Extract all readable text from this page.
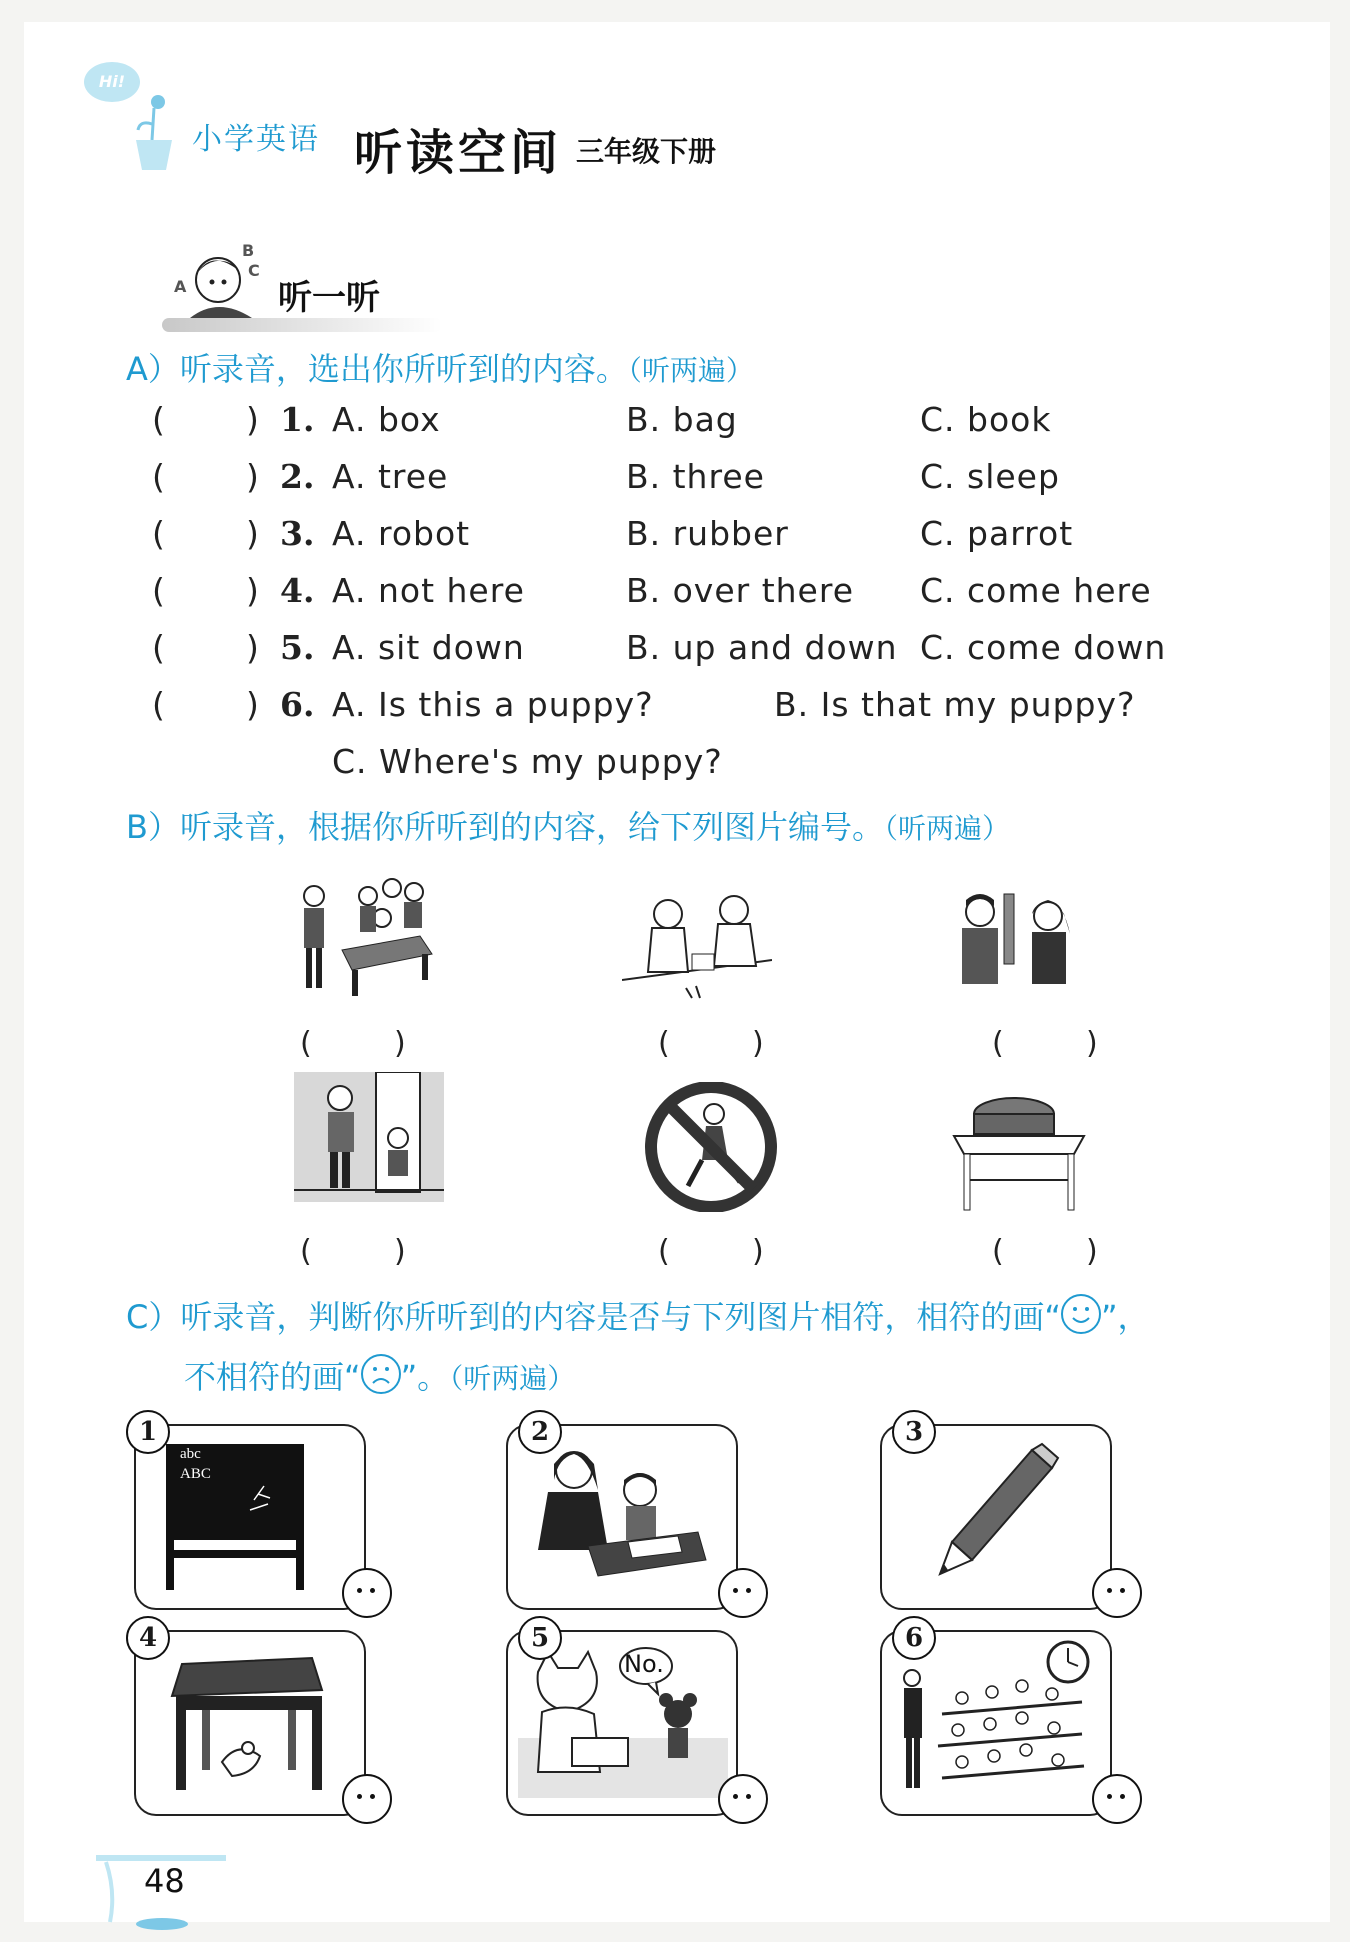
Hi!
小学英语 听读空间 三年级下册
A
B
C
听一听
A）听录音，选出你所听到的内容。（听两遍）
( ) 1. A. box	B. bag	C. book
( ) 2. A. tree	B. three	C. sleep
( ) 3. A. robot	B. rubber	C. parrot
( ) 4. A. not here	B. over there C. come here
( ) 5. A. sit down	B. up and down C. come down
( ) 6. A. Is this a puppy?	B. Is that my puppy?
C. Where's my puppy?
B）听录音，根据你所听到的内容，给下列图片编号。（听两遍）
(	)	(	)	(	)
(	)	(	)	(	)
C）听录音，判断你所听到的内容是否与下列图片相符，相符的画“ ”，
不相符的画“ ”。（听两遍）
abc
ABC
1	2	3
4
No.
5	6
48
